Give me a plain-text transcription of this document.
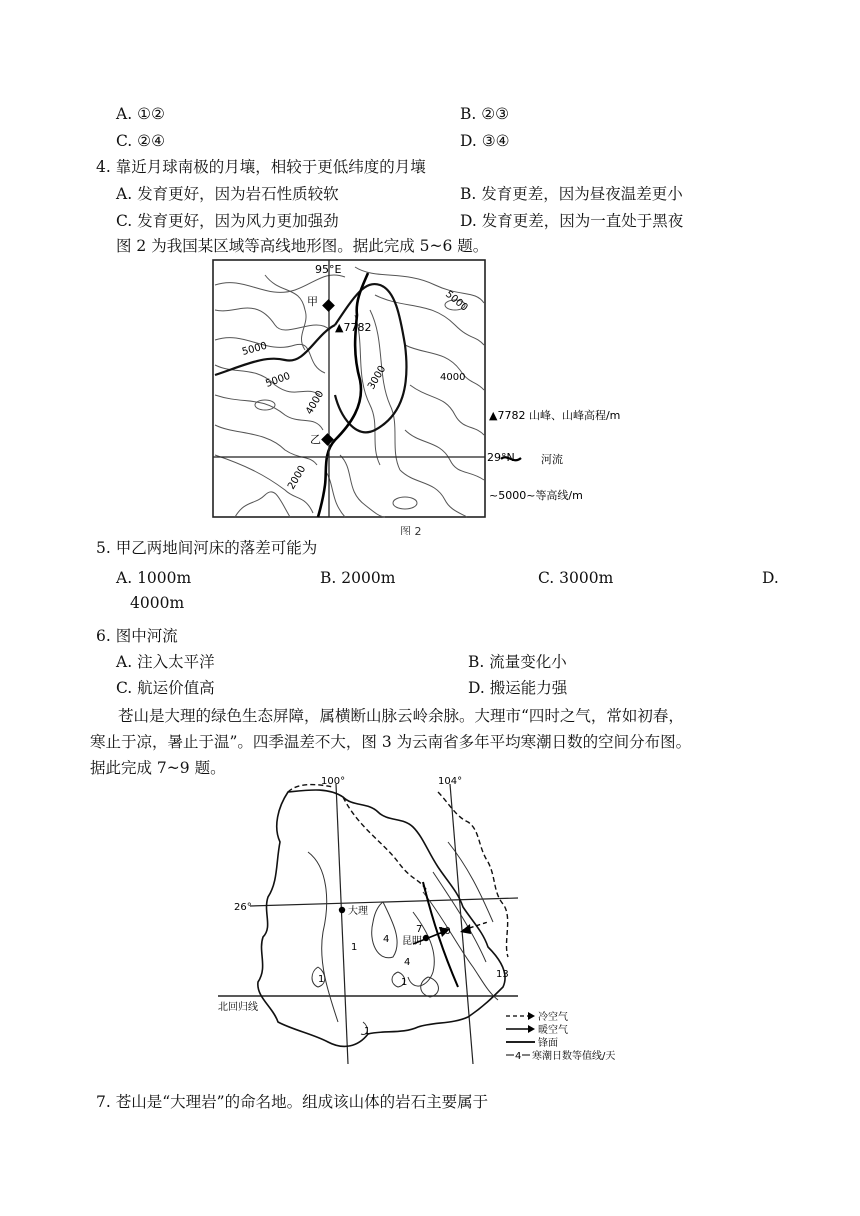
A. ①②	B. ②③
C. ②④	D. ③④
4. 靠近月球南极的月壤，相较于更低纬度的月壤
A. 发育更好，因为岩石性质较软	B. 发育更差，因为昼夜温差更小
C. 发育更好，因为风力更加强劲	D. 发育更差，因为一直处于黑夜
图 2 为我国某区域等高线地形图。据此完成 5~6 题。
95°E
甲
乙
▲7782
29°N
5000
5000
5000	4000
4000
3000
2000
▲7782 山峰、山峰高程/m
河流
~5000~等高线/m
图 2
5. 甲乙两地间河床的落差可能为
A. 1000m	B. 2000m	C. 3000m	D.
4000m
6. 图中河流
A. 注入太平洋	B. 流量变化小
C. 航运价值高	D. 搬运能力强
苍山是大理的绿色生态屏障，属横断山脉云岭余脉。大理市“四时之气，常如初春，
寒止于凉，暑止于温”。四季温差不大，图 3 为云南省多年平均寒潮日数的空间分布图。
据此完成 7~9 题。
大理
昆明
100°	104°
26°
北回归线
1
4
7 10
4
1	1
13
1
冷空气
暖空气
锋面
4 寒潮日数等值线/天
7. 苍山是“大理岩”的命名地。组成该山体的岩石主要属于
